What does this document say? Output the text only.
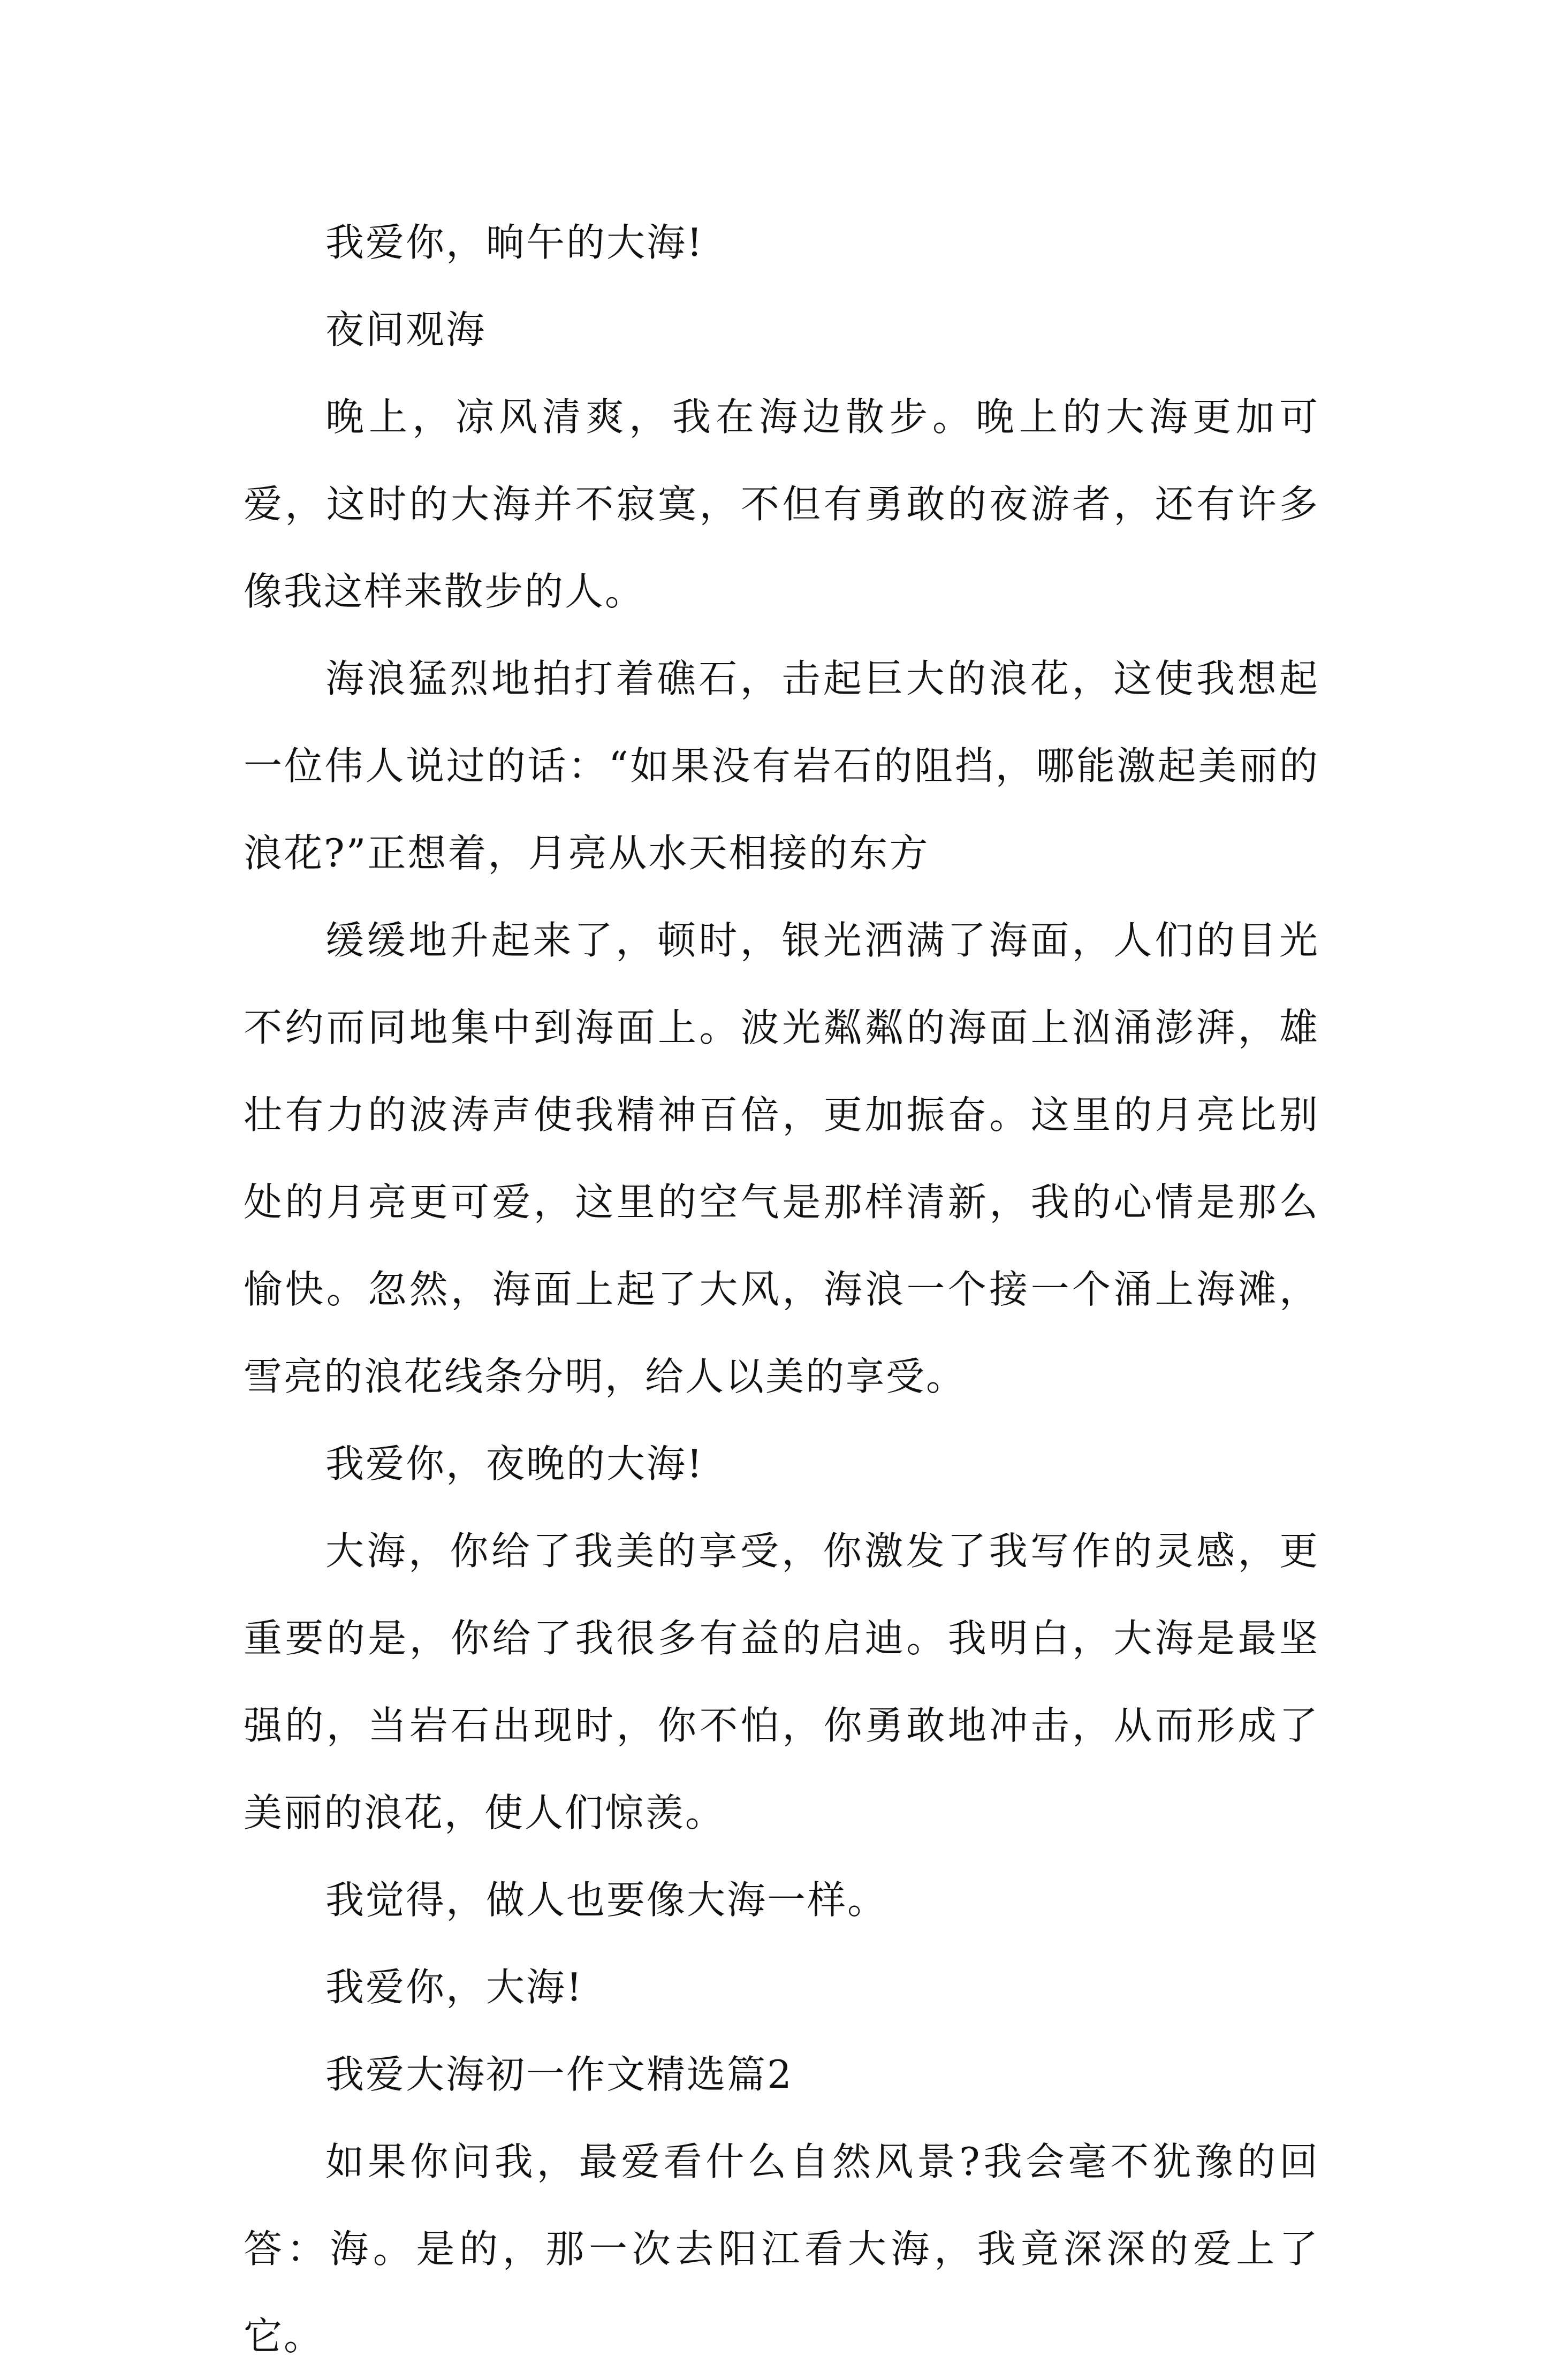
我爱你，晌午的大海!

夜间观海

晚上，凉风清爽，我在海边散步。晚上的大海更加可爱，这时的大海并不寂寞，不但有勇敢的夜游者，还有许多像我这样来散步的人。

海浪猛烈地拍打着礁石，击起巨大的浪花，这使我想起一位伟人说过的话：“如果没有岩石的阻挡，哪能激起美丽的浪花?”正想着，月亮从水天相接的东方

缓缓地升起来了，顿时，银光洒满了海面，人们的目光不约而同地集中到海面上。波光粼粼的海面上汹涌澎湃，雄壮有力的波涛声使我精神百倍，更加振奋。这里的月亮比别处的月亮更可爱，这里的空气是那样清新，我的心情是那么愉快。忽然，海面上起了大风，海浪一个接一个涌上海滩，雪亮的浪花线条分明，给人以美的享受。

我爱你，夜晚的大海!

大海，你给了我美的享受，你激发了我写作的灵感，更重要的是，你给了我很多有益的启迪。我明白，大海是最坚强的，当岩石出现时，你不怕，你勇敢地冲击，从而形成了美丽的浪花，使人们惊羡。

我觉得，做人也要像大海一样。

我爱你，大海!

我爱大海初一作文精选篇2

如果你问我，最爱看什么自然风景?我会毫不犹豫的回答：海。是的，那一次去阳江看大海，我竟深深的爱上了它。
